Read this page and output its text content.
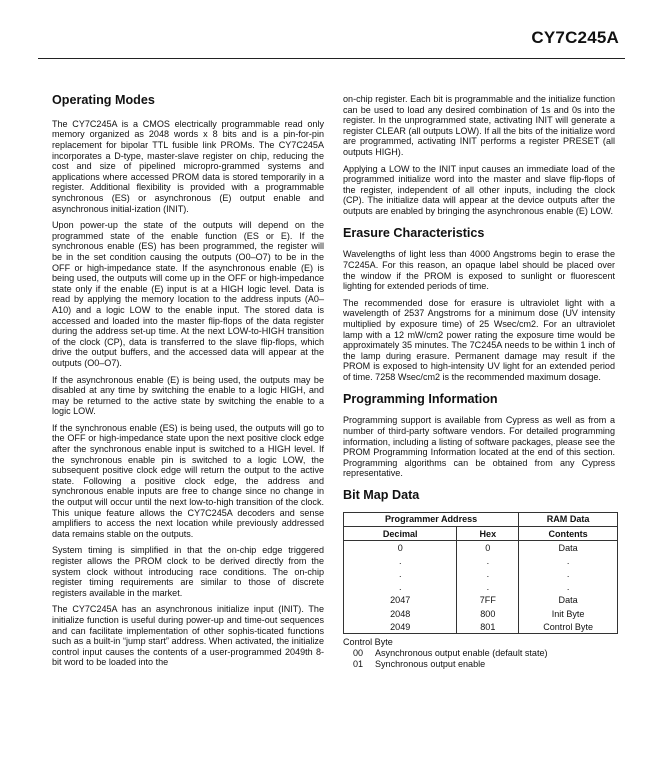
CY7C245A
Operating Modes

The CY7C245A is a CMOS electrically programmable read only memory organized as 2048 words x 8 bits and is a pin-for-pin replacement for bipolar TTL fusible link PROMs. The CY7C245A incorporates a D-type, master-slave register on chip, reducing the cost and size of pipelined micropro-grammed systems and applications where accessed PROM data is stored temporarily in a register. Additional flexibility is provided with a programmable synchronous (ES) or asynchronous (E) output enable and asynchronous initial-ization (INIT).

Upon power-up the state of the outputs will depend on the programmed state of the enable function (ES or E). If the synchronous enable (ES) has been programmed, the register will be in the set condition causing the outputs (O0–O7) to be in the OFF or high-impedance state. If the asynchronous enable (E) is being used, the outputs will come up in the OFF or high-impedance state only if the enable (E) input is at a HIGH logic level. Data is read by applying the memory location to the address inputs (A0–A10) and a logic LOW to the enable input. The stored data is accessed and loaded into the master flip-flops of the data register during the address set-up time. At the next LOW-to-HIGH transition of the clock (CP), data is transferred to the slave flip-flops, which drive the output buffers, and the accessed data will appear at the outputs (O0–O7).

If the asynchronous enable (E) is being used, the outputs may be disabled at any time by switching the enable to a logic HIGH, and may be returned to the active state by switching the enable to a logic LOW.

If the synchronous enable (ES) is being used, the outputs will go to the OFF or high-impedance state upon the next positive clock edge after the synchronous enable input is switched to a HIGH level. If the synchronous enable pin is switched to a logic LOW, the subsequent positive clock edge will return the output to the active state. Following a positive clock edge, the address and synchronous enable inputs are free to change since no change in the output will occur until the next low-to-high transition of the clock. This unique feature allows the CY7C245A decoders and sense amplifiers to access the next location while previously addressed data remains stable on the outputs.

System timing is simplified in that the on-chip edge triggered register allows the PROM clock to be derived directly from the system clock without introducing race conditions. The on-chip register timing requirements are similar to those of discrete registers available in the market.

The CY7C245A has an asynchronous initialize input (INIT). The initialize function is useful during power-up and time-out sequences and can facilitate implementation of other sophis-ticated functions such as a built-in “jump start” address. When activated, the initialize control input causes the contents of a user-programmed 2049th 8-bit word to be loaded into the

on-chip register. Each bit is programmable and the initialize function can be used to load any desired combination of 1s and 0s into the register. In the unprogrammed state, activating INIT will generate a register CLEAR (all outputs LOW). If all the bits of the initialize word are programmed, activating INIT performs a register PRESET (all outputs HIGH).

Applying a LOW to the INIT input causes an immediate load of the programmed initialize word into the master and slave flip-flops of the register, independent of all other inputs, including the clock (CP). The initialize data will appear at the device outputs after the outputs are enabled by bringing the asynchronous enable (E) LOW.

Erasure Characteristics

Wavelengths of light less than 4000 Angstroms begin to erase the 7C245A. For this reason, an opaque label should be placed over the window if the PROM is exposed to sunlight or fluorescent lighting for extended periods of time.

The recommended dose for erasure is ultraviolet light with a wavelength of 2537 Angstroms for a minimum dose (UV intensity multiplied by exposure time) of 25 Wsec/cm2. For an ultraviolet lamp with a 12 mW/cm2 power rating the exposure time would be approximately 35 minutes. The 7C245A needs to be within 1 inch of the lamp during erasure. Permanent damage may result if the PROM is exposed to high-intensity UV light for an extended period of time. 7258 Wsec/cm2 is the recommended maximum dosage.

Programming Information

Programming support is available from Cypress as well as from a number of third-party software vendors. For detailed programming information, including a listing of software packages, please see the PROM Programming Information located at the end of this section. Programming algorithms can be obtained from any Cypress representative.

Bit Map Data
Programmer Address		RAM Data
Decimal	Hex	Contents
0	0	Data
.	.	.
.	.	.
.	.	.
2047	7FF	Data
2048	800	Init Byte
2049	801	Control Byte
Control Byte
00 Asynchronous output enable (default state)
01 Synchronous output enable
